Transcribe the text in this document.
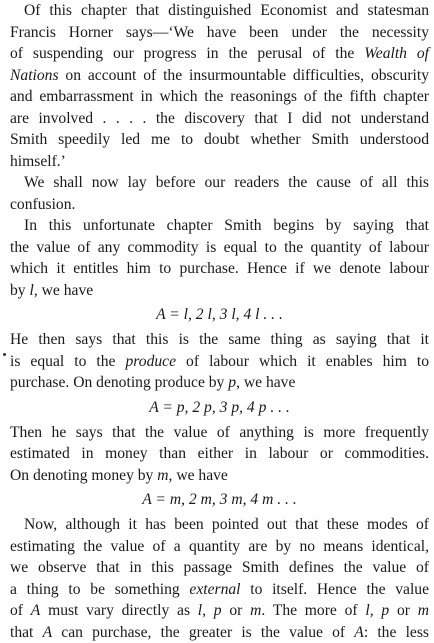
Of this chapter that distinguished Economist and statesman
Francis Horner says—‘We have been under the necessity
of suspending our progress in the perusal of the Wealth of
Nations on account of the insurmountable difficulties, obscurity
and embarrassment in which the reasonings of the fifth chapter
are involved . . . . the discovery that I did not understand
Smith speedily led me to doubt whether Smith understood
himself.’
We shall now lay before our readers the cause of all this
confusion.
In this unfortunate chapter Smith begins by saying that
the value of any commodity is equal to the quantity of labour
which it entitles him to purchase. Hence if we denote labour
by l, we have
A = l, 2 l, 3 l, 4 l . . .
He then says that this is the same thing as saying that it
is equal to the produce of labour which it enables him to
purchase. On denoting produce by p, we have
A = p, 2 p, 3 p, 4 p . . .
Then he says that the value of anything is more frequently
estimated in money than either in labour or commodities.
On denoting money by m, we have
A = m, 2 m, 3 m, 4 m . . .
Now, although it has been pointed out that these modes of
estimating the value of a quantity are by no means identical,
we observe that in this passage Smith defines the value of
a thing to be something external to itself. Hence the value
of A must vary directly as l, p or m. The more of l, p or m
that A can purchase, the greater is the value of A: the less
